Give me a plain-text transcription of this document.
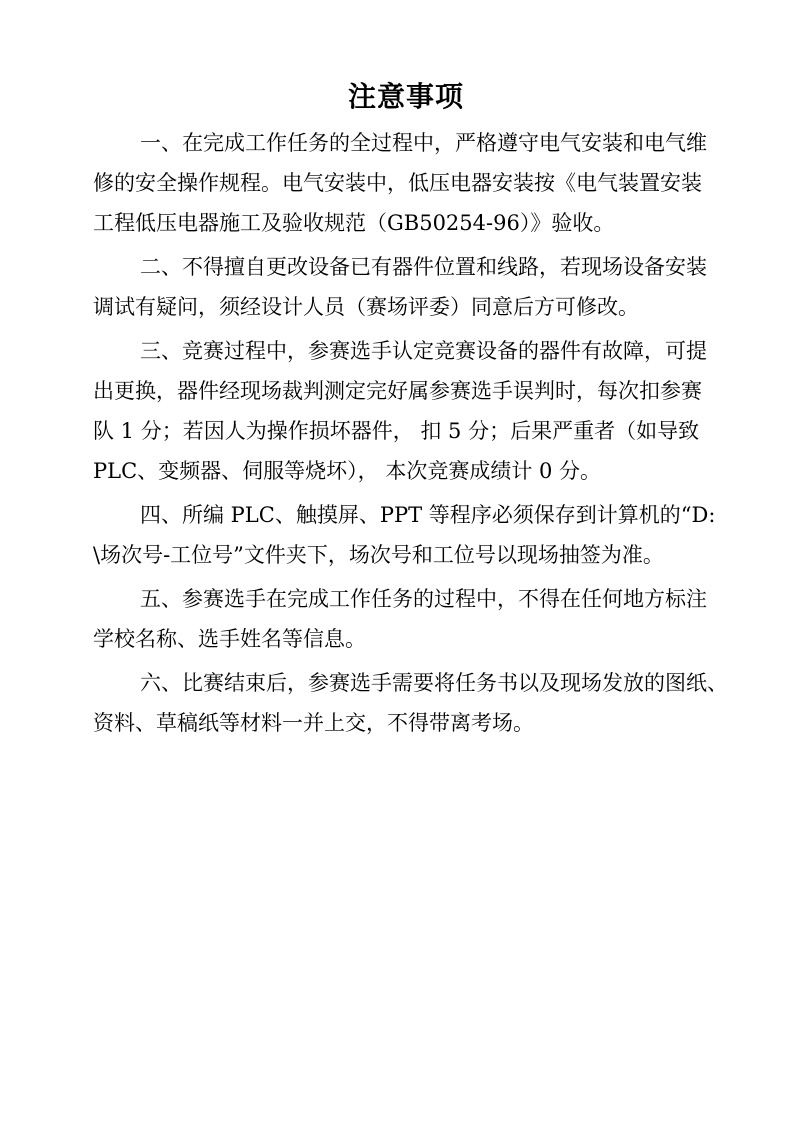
注意事项
一、在完成工作任务的全过程中，严格遵守电气安装和电气维
修的安全操作规程。电气安装中，低压电器安装按《电气装置安装
工程低压电器施工及验收规范（GB50254-96）》验收。
二、不得擅自更改设备已有器件位置和线路，若现场设备安装
调试有疑问，须经设计人员（赛场评委）同意后方可修改。
三、竞赛过程中，参赛选手认定竞赛设备的器件有故障，可提
出更换，器件经现场裁判测定完好属参赛选手误判时，每次扣参赛
队 1 分；若因人为操作损坏器件， 扣 5 分；后果严重者（如导致
PLC、变频器、伺服等烧坏）， 本次竞赛成绩计 0 分。
四、所编 PLC、触摸屏、PPT 等程序必须保存到计算机的“D:
\场次号-工位号”文件夹下，场次号和工位号以现场抽签为准。
五、参赛选手在完成工作任务的过程中，不得在任何地方标注
学校名称、选手姓名等信息。
六、比赛结束后，参赛选手需要将任务书以及现场发放的图纸、
资料、草稿纸等材料一并上交，不得带离考场。
